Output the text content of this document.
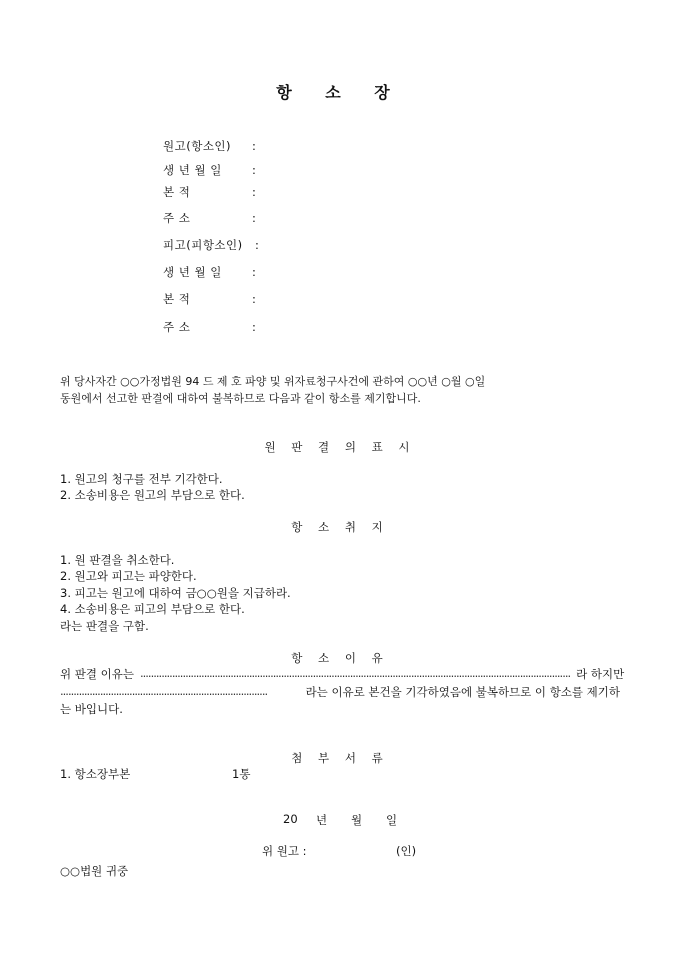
항 소 장
원고(항소인) :
생 년 월 일	:
본 적	:
주 소	:
피고(피항소인) :
생 년 월 일	:
본 적	:
주 소	:
위 당사자간 ○○가정법원 94 드 제 호 파양 및 위자료청구사건에 관하여 ○○년 ○월 ○일
동원에서 선고한 판결에 대하여 불복하므로 다음과 같이 항소를 제기합니다.
원 판 결 의 표 시
1. 원고의 청구를 전부 기각한다.
2. 소송비용은 원고의 부담으로 한다.
항 소 취 지
1. 원 판결을 취소한다.
2. 원고와 피고는 파양한다.
3. 피고는 원고에 대하여 금○○원을 지급하라.
4. 소송비용은 피고의 부담으로 한다.
라는 판결을 구함.
항 소 이 유
위 판결 이유는 .................................................................................................................................................................. 라 하지만
..............................................................................	라는 이유로 본건을 기각하였음에 불복하므로 이 항소를 제기하
는 바입니다.
첨 부 서 류
1. 항소장부본	1통
20 년 월 일
위 원고 :	(인)
○○법원 귀중
